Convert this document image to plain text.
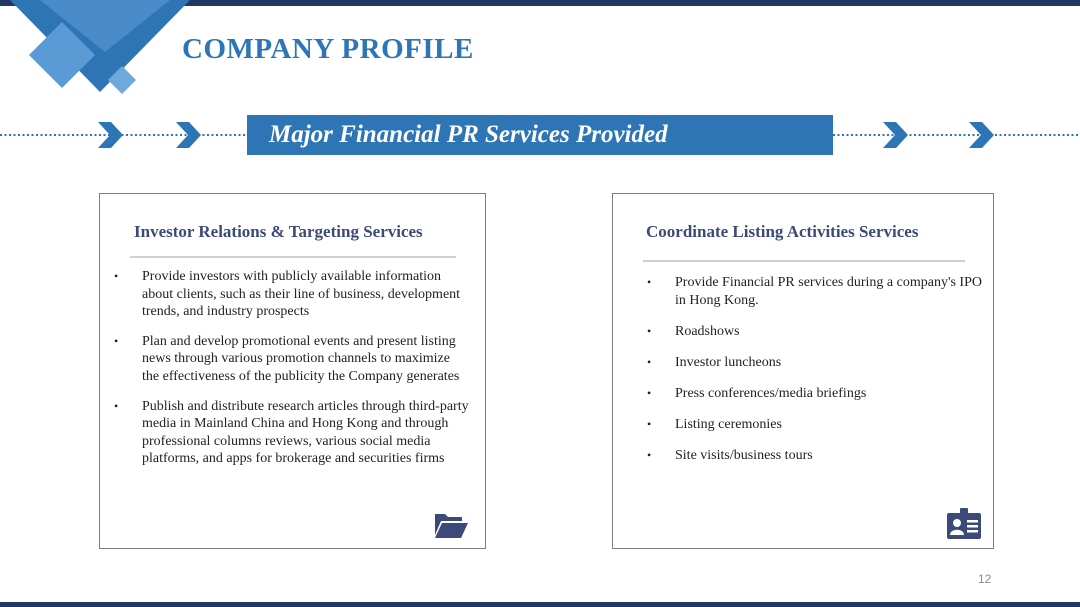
COMPANY PROFILE
Major Financial PR Services Provided
Investor Relations & Targeting Services
•	Provide investors with publicly available information about clients, such as their line of business, development trends, and industry prospects
•	Plan and develop promotional events and present listing news through various promotion channels to maximize the effectiveness of the publicity the Company generates
•	Publish and distribute research articles through third-party media in Mainland China and Hong Kong and through professional columns reviews, various social media platforms, and apps for brokerage and securities firms
Coordinate Listing Activities Services
•	Provide Financial PR services during a company's IPO in Hong Kong.
•	Roadshows
•	Investor luncheons
•	Press conferences/media briefings
•	Listing ceremonies
•	Site visits/business tours
12
